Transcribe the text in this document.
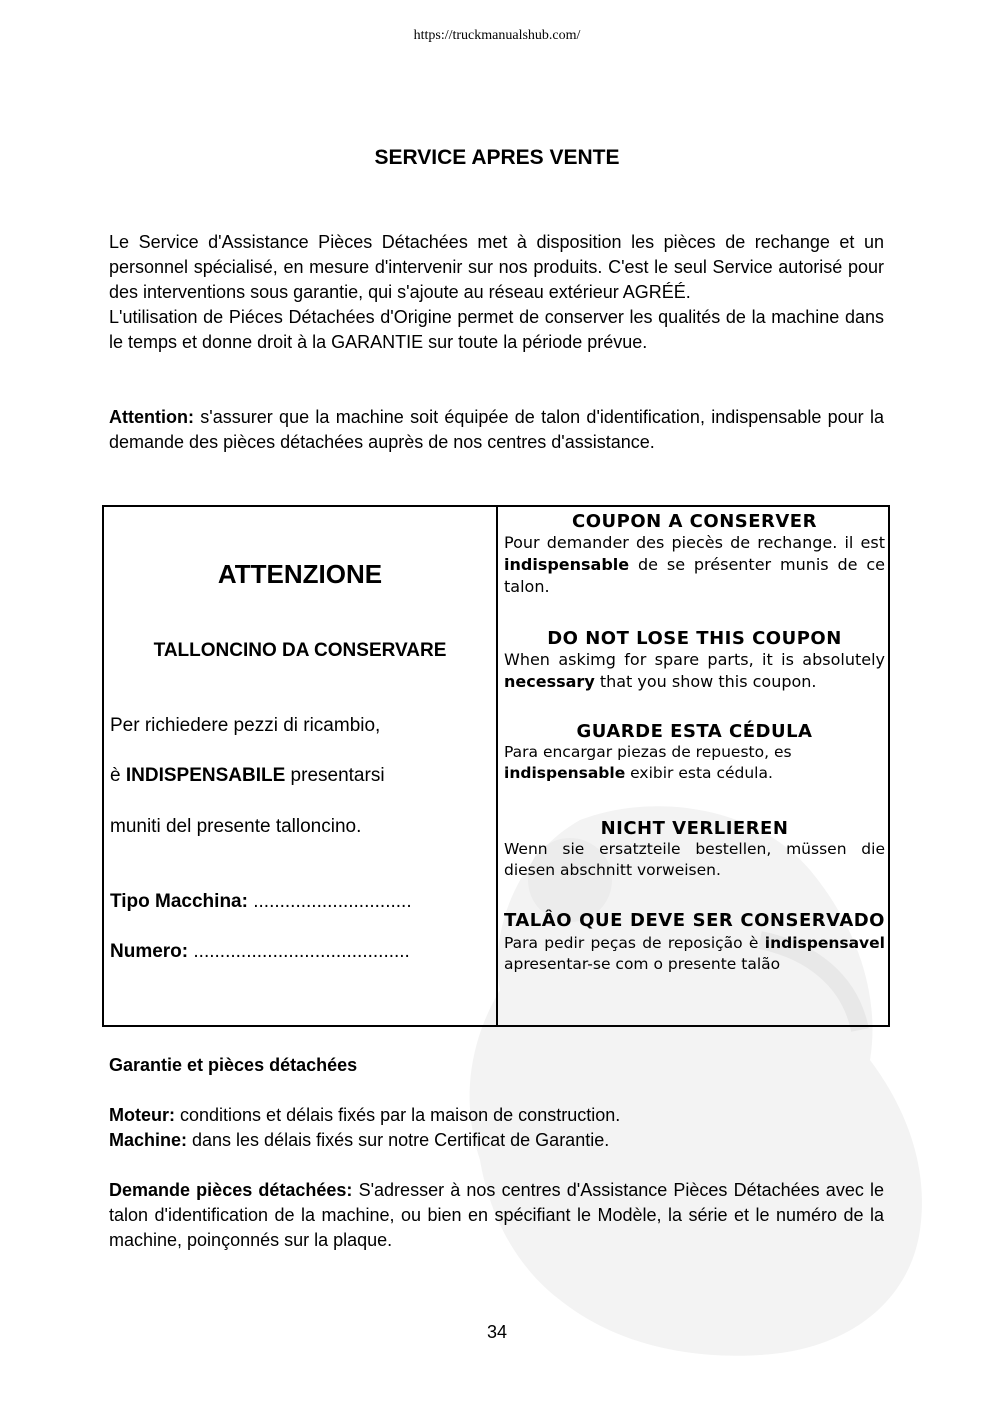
https://truckmanualshub.com/
SERVICE APRES VENTE
Le Service d'Assistance Pièces Détachées met à disposition les pièces de rechange et un personnel spécialisé, en mesure d'intervenir sur nos produits. C'est le seul Service autorisé pour des interventions sous garantie, qui s'ajoute au réseau extérieur AGRÉÉ.
L'utilisation de Piéces Détachées d'Origine permet de conserver les qualités de la machine dans le temps et donne droit à la GARANTIE sur toute la période prévue.
Attention: s'assurer que la machine soit équipée de talon d'identification, indispensable pour la demande des pièces détachées auprès de nos centres d'assistance.
ATTENZIONE
TALLONCINO DA CONSERVARE
Per richiedere pezzi di ricambio,
è INDISPENSABILE presentarsi
muniti del presente talloncino.
Tipo Macchina: ..............................
Numero: .........................................
COUPON A CONSERVER
Pour demander des piecès de rechange. il est indispensable de se présenter munis de ce talon.
DO NOT LOSE THIS COUPON
When askimg for spare parts, it is absolutely necessary that you show this coupon.
GUARDE ESTA CÉDULA
Para encargar piezas de repuesto, es indispensable exibir esta cédula.
NICHT VERLIEREN
Wenn sie ersatzteile bestellen, müssen die diesen abschnitt vorweisen.
TALÂO QUE DEVE SER CONSERVADO
Para pedir peças de reposição è indispensavel apresentar-se com o presente talão
Garantie et pièces détachées
Moteur: conditions et délais fixés par la maison de construction.
Machine: dans les délais fixés sur notre Certificat de Garantie.
Demande pièces détachées: S'adresser à nos centres d'Assistance Pièces Détachées avec le talon d'identification de la machine, ou bien en spécifiant le Modèle, la série et le numéro de la machine, poinçonnés sur la plaque.
34
